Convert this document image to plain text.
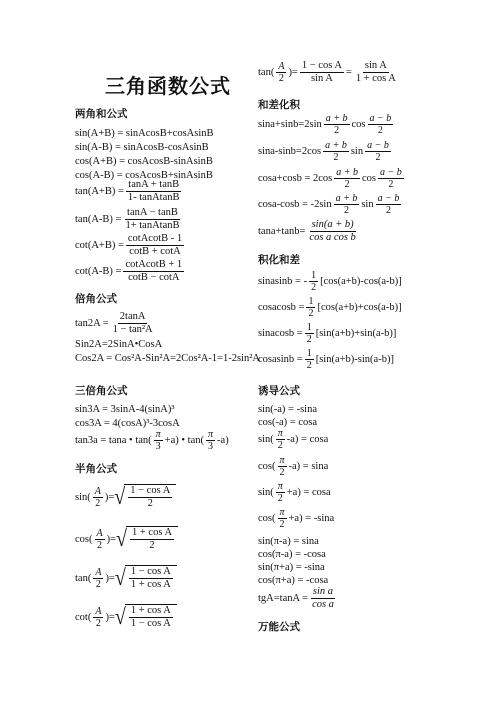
三角函数公式
两角和公式
sin(A+B) = sinAcosB+cosAsinB
sin(A-B) = sinAcosB-cosAsinB
cos(A+B) = cosAcosB-sinAsinB
cos(A-B) = cosAcosB+sinAsinB
$\tan(A+B) = \frac{\tan A + \tan B}{\text{1- tanAtanB}}$
$\tan(A-B) = \frac{\tan A - \tan B}{\text{1+ tanAtanB}}$
$\cot(A+B) = \frac{\text{cotAcotB - 1}}{\cot B + \cot A}$
$\cot(A-B) = \frac{\text{cotAcotB + 1}}{\cot B - \cot A}$
倍角公式
$\tan 2A = \frac{2\tan A}{\text{1 − tan²A}}$
Sin2A=2SinA•CosA
Cos2A = Cos²A-Sin²A=2Cos²A-1=1-2sin²A
三倍角公式
sin3A = 3sinA-4(sinA)³
cos3A = 4(cosA)³-3cosA
tan3a = tana • $\tan( \frac{\pi}{3} +a)$ • $\tan( \frac{\pi}{3} -a)$
半角公式
$\sin( \frac{A}{2}$ )= √ $\frac{\text{1 − cos A}}{2}$
$\cos( \frac{A}{2}$ )= √ $\frac{\text{1 + cos A}}{2}$
$\tan( \frac{A}{2}$ )= √ $\frac{\text{1 − cos A}}{\text{1 + cos A}}$
$\cot( \frac{A}{2}$ )= √ $\frac{\text{1 + cos A}}{\text{1 − cos A}}$
$\tan( \frac{A}{2}$ )= $\frac{\text{1 − cos A}}{\text{sin A}} = \frac{\text{sin A}}{\text{1 + cos A}}$
和差化积
$\sin a+\sin b=2\sin \frac{a + b}{2}$ $\cos \frac{a - b}{2}$
$\sin a-\sin b=2\cos \frac{a + b}{2}$ $\sin \frac{a - b}{2}$
$\cos a+\cos b = 2\cos \frac{a + b}{2}$ $\cos \frac{a - b}{2}$
$\cos a-\cos b = -2\sin \frac{a + b}{2}$ $\sin \frac{a - b}{2}$
$\tan a+\tan b= \frac{\sin(a + b)}{\text{cos a cos b}}$
积化和差
sinasinb = - $\frac{1}{2} [\cos(a+b)-\cos(a-b)]$
cosacosb = $\frac{1}{2} [\cos(a+b)+\cos(a-b)]$
sinacosb = $\frac{1}{2} [\sin(a+b)+\sin(a-b)]$
cosasinb = $\frac{1}{2} [\sin(a+b)-\sin(a-b)]$
诱导公式
sin(-a) = -sina
cos(-a) = cosa
$\sin( \frac{\pi}{2} -a) = \cos a$
$\cos( \frac{\pi}{2} -a) = \sin a$
$\sin( \frac{\pi}{2} +a) = \cos a$
$\cos( \frac{\pi}{2} +a) = -\sin a$
sin(π-a) = sina
cos(π-a) = -cosa
sin(π+a) = -sina
cos(π+a) = -cosa
$tgA=\tan A = \frac{\text{sin a}}{\text{cos a}}$
万能公式
